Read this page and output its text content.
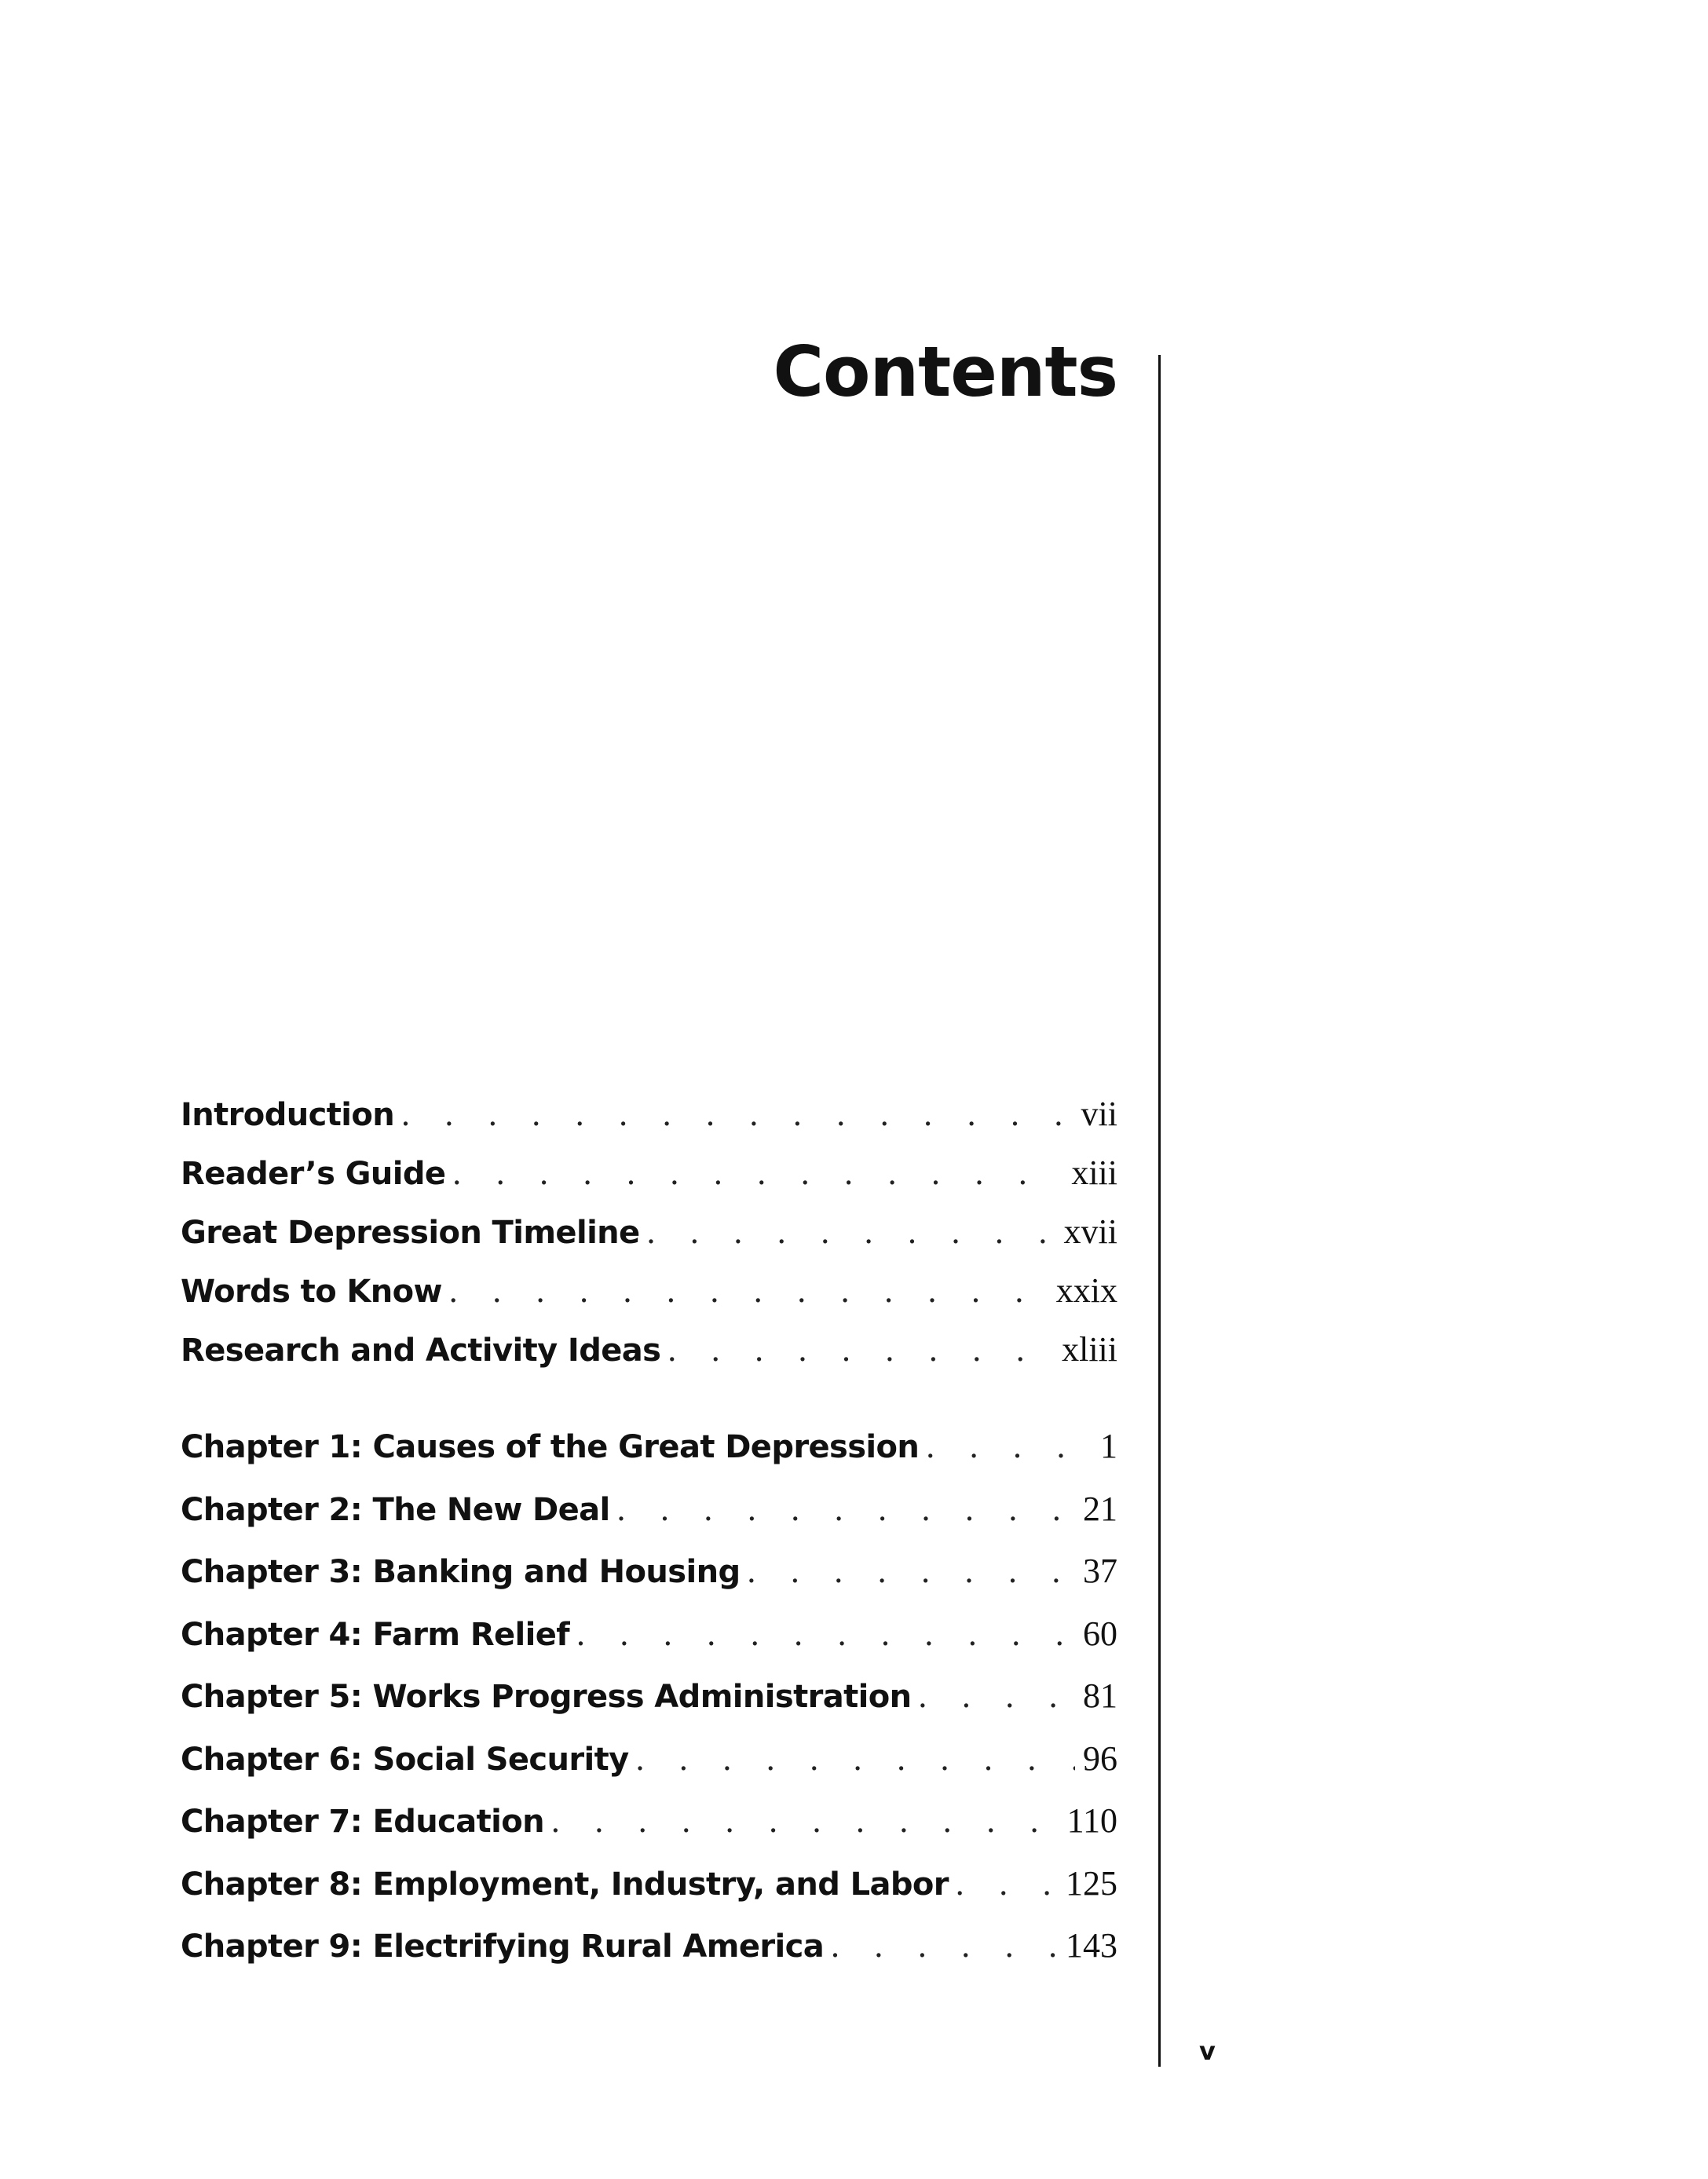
Contents
Introduction . . .	vii
Reader’s Guide . . .	xiii
Great Depression Timeline . . .	xvii
Words to Know . . .	xxix
Research and Activity Ideas . . .	xliii
Chapter 1: Causes of the Great Depression . . .	1
Chapter 2: The New Deal . . .	21
Chapter 3: Banking and Housing . . .	37
Chapter 4: Farm Relief . . .	60
Chapter 5: Works Progress Administration . . .	81
Chapter 6: Social Security . . .	96
Chapter 7: Education . . .	110
Chapter 8: Employment, Industry, and Labor . . .	125
Chapter 9: Electrifying Rural America . . .	143
v
